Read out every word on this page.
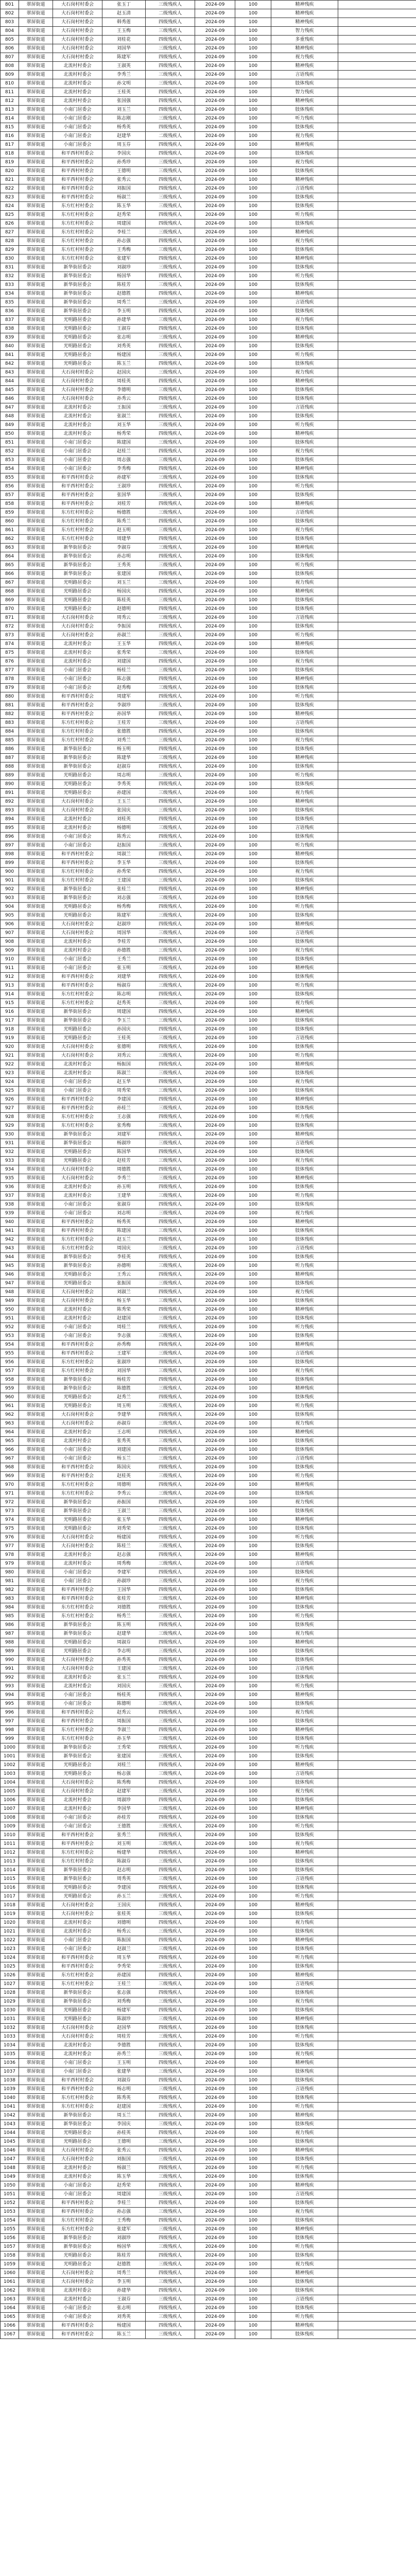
801	翠屏街道	大石岗村村委会	张玉丁	三级残疾人	2024-09	100	精神残疾	
802	翠屏街道	大石岗村村委会	赵玉清	二级残疾人	2024-09	100	精神残疾	
803	翠屏街道	大石岗村村委会	韩秀莲	四级残疾人	2024-09	100	精神残疾	
804	翠屏街道	大石岗村村委会	王玉梅	三级残疾人	2024-09	100	智力残疾	
805	翠屏街道	大石岗村村委会	刘桂花	四级残疾人	2024-09	100	多重残疾	
806	翠屏街道	大石岗村村委会	刘国华	三级残疾人	2024-09	100	精神残疾	
807	翠屏街道	大石岗村村委会	陈建军	四级残疾人	2024-09	100	视力残疾	
808	翠屏街道	北流村村委会	王淑英	四级残疾人	2024-09	100	精神残疾	
809	翠屏街道	北流村村委会	李秀兰	三级残疾人	2024-09	100	言语残疾	
810	翠屏街道	北流村村委会	孙文明	三级残疾人	2024-09	100	肢体残疾	
811	翠屏街道	北流村村委会	王桂英	四级残疾人	2024-09	100	智力残疾	
812	翠屏街道	北流村村委会	张国强	四级残疾人	2024-09	100	精神残疾	
813	翠屏街道	小南门居委会	刘玉兰	四级残疾人	2024-09	100	肢体残疾	
814	翠屏街道	小南门居委会	陈志刚	三级残疾人	2024-09	100	听力残疾	
815	翠屏街道	小南门居委会	杨秀英	四级残疾人	2024-09	100	肢体残疾	
816	翠屏街道	小南门居委会	赵建华	二级残疾人	2024-09	100	视力残疾	
817	翠屏街道	小南门居委会	周玉芬	四级残疾人	2024-09	100	精神残疾	
818	翠屏街道	和平西村村委会	李国庆	四级残疾人	2024-09	100	肢体残疾	
819	翠屏街道	和平西村村委会	孙秀珍	三级残疾人	2024-09	100	视力残疾	
820	翠屏街道	和平西村村委会	王德明	三级残疾人	2024-09	100	肢体残疾	
821	翠屏街道	和平西村村委会	张秀云	四级残疾人	2024-09	100	精神残疾	
822	翠屏街道	和平西村村委会	刘振国	四级残疾人	2024-09	100	言语残疾	
823	翠屏街道	和平西村村委会	杨淑兰	三级残疾人	2024-09	100	肢体残疾	
824	翠屏街道	东方红村村委会	陈玉华	三级残疾人	2024-09	100	肢体残疾	
825	翠屏街道	东方红村村委会	赵秀荣	四级残疾人	2024-09	100	听力残疾	
826	翠屏街道	东方红村村委会	周建国	四级残疾人	2024-09	100	肢体残疾	
827	翠屏街道	东方红村村委会	李桂兰	三级残疾人	2024-09	100	精神残疾	
828	翠屏街道	东方红村村委会	孙志强	四级残疾人	2024-09	100	视力残疾	
829	翠屏街道	东方红村村委会	王秀梅	三级残疾人	2024-09	100	肢体残疾	
830	翠屏街道	东方红村村委会	张建军	四级残疾人	2024-09	100	精神残疾	
831	翠屏街道	新华街居委会	刘淑珍	三级残疾人	2024-09	100	肢体残疾	
832	翠屏街道	新华街居委会	杨国华	四级残疾人	2024-09	100	听力残疾	
833	翠屏街道	新华街居委会	陈桂芳	三级残疾人	2024-09	100	肢体残疾	
834	翠屏街道	新华街居委会	赵德胜	四级残疾人	2024-09	100	精神残疾	
835	翠屏街道	新华街居委会	周秀兰	三级残疾人	2024-09	100	言语残疾	
836	翠屏街道	新华街居委会	李玉明	四级残疾人	2024-09	100	肢体残疾	
837	翠屏街道	光明路居委会	孙建华	三级残疾人	2024-09	100	视力残疾	
838	翠屏街道	光明路居委会	王淑芬	四级残疾人	2024-09	100	肢体残疾	
839	翠屏街道	光明路居委会	张志明	三级残疾人	2024-09	100	精神残疾	
840	翠屏街道	光明路居委会	刘秀英	四级残疾人	2024-09	100	肢体残疾	
841	翠屏街道	光明路居委会	杨建国	三级残疾人	2024-09	100	听力残疾	
842	翠屏街道	光明路居委会	陈玉兰	四级残疾人	2024-09	100	肢体残疾	
843	翠屏街道	大石岗村村委会	赵国庆	三级残疾人	2024-09	100	视力残疾	
844	翠屏街道	大石岗村村委会	周桂英	四级残疾人	2024-09	100	精神残疾	
845	翠屏街道	大石岗村村委会	李德明	三级残疾人	2024-09	100	肢体残疾	
846	翠屏街道	大石岗村村委会	孙秀云	四级残疾人	2024-09	100	肢体残疾	
847	翠屏街道	北流村村委会	王振国	三级残疾人	2024-09	100	言语残疾	
848	翠屏街道	北流村村委会	张淑兰	四级残疾人	2024-09	100	肢体残疾	
849	翠屏街道	北流村村委会	刘玉华	三级残疾人	2024-09	100	听力残疾	
850	翠屏街道	北流村村委会	杨秀荣	四级残疾人	2024-09	100	精神残疾	
851	翠屏街道	小南门居委会	陈建国	三级残疾人	2024-09	100	肢体残疾	
852	翠屏街道	小南门居委会	赵桂兰	四级残疾人	2024-09	100	视力残疾	
853	翠屏街道	小南门居委会	周志强	三级残疾人	2024-09	100	肢体残疾	
854	翠屏街道	小南门居委会	李秀梅	四级残疾人	2024-09	100	精神残疾	
855	翠屏街道	和平西村村委会	孙建军	三级残疾人	2024-09	100	肢体残疾	
856	翠屏街道	和平西村村委会	王淑珍	四级残疾人	2024-09	100	听力残疾	
857	翠屏街道	和平西村村委会	张国华	三级残疾人	2024-09	100	肢体残疾	
858	翠屏街道	和平西村村委会	刘桂芳	四级残疾人	2024-09	100	精神残疾	
859	翠屏街道	东方红村村委会	杨德胜	三级残疾人	2024-09	100	言语残疾	
860	翠屏街道	东方红村村委会	陈秀兰	四级残疾人	2024-09	100	肢体残疾	
861	翠屏街道	东方红村村委会	赵玉明	三级残疾人	2024-09	100	视力残疾	
862	翠屏街道	东方红村村委会	周建华	四级残疾人	2024-09	100	肢体残疾	
863	翠屏街道	新华街居委会	李淑芬	三级残疾人	2024-09	100	精神残疾	
864	翠屏街道	新华街居委会	孙志明	四级残疾人	2024-09	100	肢体残疾	
865	翠屏街道	新华街居委会	王秀英	三级残疾人	2024-09	100	听力残疾	
866	翠屏街道	新华街居委会	张建国	四级残疾人	2024-09	100	肢体残疾	
867	翠屏街道	光明路居委会	刘玉兰	三级残疾人	2024-09	100	视力残疾	
868	翠屏街道	光明路居委会	杨国庆	四级残疾人	2024-09	100	精神残疾	
869	翠屏街道	光明路居委会	陈桂英	三级残疾人	2024-09	100	肢体残疾	
870	翠屏街道	光明路居委会	赵德明	四级残疾人	2024-09	100	肢体残疾	
871	翠屏街道	大石岗村村委会	周秀云	三级残疾人	2024-09	100	言语残疾	
872	翠屏街道	大石岗村村委会	李振国	四级残疾人	2024-09	100	肢体残疾	
873	翠屏街道	大石岗村村委会	孙淑兰	三级残疾人	2024-09	100	听力残疾	
874	翠屏街道	北流村村委会	王玉华	四级残疾人	2024-09	100	精神残疾	
875	翠屏街道	北流村村委会	张秀荣	三级残疾人	2024-09	100	肢体残疾	
876	翠屏街道	北流村村委会	刘建国	四级残疾人	2024-09	100	视力残疾	
877	翠屏街道	小南门居委会	杨桂兰	三级残疾人	2024-09	100	肢体残疾	
878	翠屏街道	小南门居委会	陈志强	四级残疾人	2024-09	100	精神残疾	
879	翠屏街道	小南门居委会	赵秀梅	三级残疾人	2024-09	100	肢体残疾	
880	翠屏街道	和平西村村委会	周建军	四级残疾人	2024-09	100	听力残疾	
881	翠屏街道	和平西村村委会	李淑珍	三级残疾人	2024-09	100	肢体残疾	
882	翠屏街道	和平西村村委会	孙国华	四级残疾人	2024-09	100	精神残疾	
883	翠屏街道	东方红村村委会	王桂芳	三级残疾人	2024-09	100	言语残疾	
884	翠屏街道	东方红村村委会	张德胜	四级残疾人	2024-09	100	肢体残疾	
885	翠屏街道	东方红村村委会	刘秀兰	三级残疾人	2024-09	100	视力残疾	
886	翠屏街道	新华街居委会	杨玉明	四级残疾人	2024-09	100	肢体残疾	
887	翠屏街道	新华街居委会	陈建华	三级残疾人	2024-09	100	精神残疾	
888	翠屏街道	新华街居委会	赵淑芬	四级残疾人	2024-09	100	肢体残疾	
889	翠屏街道	光明路居委会	周志明	三级残疾人	2024-09	100	听力残疾	
890	翠屏街道	光明路居委会	李秀英	四级残疾人	2024-09	100	肢体残疾	
891	翠屏街道	光明路居委会	孙建国	三级残疾人	2024-09	100	视力残疾	
892	翠屏街道	大石岗村村委会	王玉兰	四级残疾人	2024-09	100	精神残疾	
893	翠屏街道	大石岗村村委会	张国庆	三级残疾人	2024-09	100	肢体残疾	
894	翠屏街道	北流村村委会	刘桂英	四级残疾人	2024-09	100	肢体残疾	
895	翠屏街道	北流村村委会	杨德明	三级残疾人	2024-09	100	言语残疾	
896	翠屏街道	小南门居委会	陈秀云	四级残疾人	2024-09	100	肢体残疾	
897	翠屏街道	小南门居委会	赵振国	三级残疾人	2024-09	100	听力残疾	
898	翠屏街道	和平西村村委会	周淑兰	四级残疾人	2024-09	100	精神残疾	
899	翠屏街道	和平西村村委会	李玉华	三级残疾人	2024-09	100	肢体残疾	
900	翠屏街道	东方红村村委会	孙秀荣	四级残疾人	2024-09	100	视力残疾	
901	翠屏街道	东方红村村委会	王建国	三级残疾人	2024-09	100	肢体残疾	
902	翠屏街道	新华街居委会	张桂兰	四级残疾人	2024-09	100	精神残疾	
903	翠屏街道	新华街居委会	刘志强	三级残疾人	2024-09	100	肢体残疾	
904	翠屏街道	光明路居委会	杨秀梅	四级残疾人	2024-09	100	听力残疾	
905	翠屏街道	光明路居委会	陈建军	三级残疾人	2024-09	100	肢体残疾	
906	翠屏街道	大石岗村村委会	赵淑珍	四级残疾人	2024-09	100	精神残疾	
907	翠屏街道	大石岗村村委会	周国华	三级残疾人	2024-09	100	言语残疾	
908	翠屏街道	北流村村委会	李桂芳	四级残疾人	2024-09	100	肢体残疾	
909	翠屏街道	北流村村委会	孙德胜	三级残疾人	2024-09	100	视力残疾	
910	翠屏街道	小南门居委会	王秀兰	四级残疾人	2024-09	100	肢体残疾	
911	翠屏街道	小南门居委会	张玉明	三级残疾人	2024-09	100	精神残疾	
912	翠屏街道	和平西村村委会	刘建华	四级残疾人	2024-09	100	肢体残疾	
913	翠屏街道	和平西村村委会	杨淑芬	三级残疾人	2024-09	100	听力残疾	
914	翠屏街道	东方红村村委会	陈志明	四级残疾人	2024-09	100	肢体残疾	
915	翠屏街道	东方红村村委会	赵秀英	三级残疾人	2024-09	100	视力残疾	
916	翠屏街道	新华街居委会	周建国	四级残疾人	2024-09	100	精神残疾	
917	翠屏街道	新华街居委会	李玉兰	三级残疾人	2024-09	100	肢体残疾	
918	翠屏街道	光明路居委会	孙国庆	四级残疾人	2024-09	100	肢体残疾	
919	翠屏街道	光明路居委会	王桂英	三级残疾人	2024-09	100	言语残疾	
920	翠屏街道	大石岗村村委会	张德明	四级残疾人	2024-09	100	肢体残疾	
921	翠屏街道	大石岗村村委会	刘秀云	三级残疾人	2024-09	100	听力残疾	
922	翠屏街道	北流村村委会	杨振国	四级残疾人	2024-09	100	精神残疾	
923	翠屏街道	北流村村委会	陈淑兰	三级残疾人	2024-09	100	肢体残疾	
924	翠屏街道	小南门居委会	赵玉华	四级残疾人	2024-09	100	视力残疾	
925	翠屏街道	小南门居委会	周秀荣	三级残疾人	2024-09	100	肢体残疾	
926	翠屏街道	和平西村村委会	李建国	四级残疾人	2024-09	100	精神残疾	
927	翠屏街道	和平西村村委会	孙桂兰	三级残疾人	2024-09	100	肢体残疾	
928	翠屏街道	东方红村村委会	王志强	四级残疾人	2024-09	100	听力残疾	
929	翠屏街道	东方红村村委会	张秀梅	三级残疾人	2024-09	100	肢体残疾	
930	翠屏街道	新华街居委会	刘建军	四级残疾人	2024-09	100	精神残疾	
931	翠屏街道	新华街居委会	杨淑珍	三级残疾人	2024-09	100	言语残疾	
932	翠屏街道	光明路居委会	陈国华	四级残疾人	2024-09	100	肢体残疾	
933	翠屏街道	光明路居委会	赵桂芳	三级残疾人	2024-09	100	视力残疾	
934	翠屏街道	大石岗村村委会	周德胜	四级残疾人	2024-09	100	肢体残疾	
935	翠屏街道	大石岗村村委会	李秀兰	三级残疾人	2024-09	100	精神残疾	
936	翠屏街道	北流村村委会	孙玉明	四级残疾人	2024-09	100	肢体残疾	
937	翠屏街道	北流村村委会	王建华	三级残疾人	2024-09	100	听力残疾	
938	翠屏街道	小南门居委会	张淑芬	四级残疾人	2024-09	100	肢体残疾	
939	翠屏街道	小南门居委会	刘志明	三级残疾人	2024-09	100	视力残疾	
940	翠屏街道	和平西村村委会	杨秀英	四级残疾人	2024-09	100	精神残疾	
941	翠屏街道	和平西村村委会	陈建国	三级残疾人	2024-09	100	肢体残疾	
942	翠屏街道	东方红村村委会	赵玉兰	四级残疾人	2024-09	100	肢体残疾	
943	翠屏街道	东方红村村委会	周国庆	三级残疾人	2024-09	100	言语残疾	
944	翠屏街道	新华街居委会	李桂英	四级残疾人	2024-09	100	肢体残疾	
945	翠屏街道	新华街居委会	孙德明	三级残疾人	2024-09	100	听力残疾	
946	翠屏街道	光明路居委会	王秀云	四级残疾人	2024-09	100	精神残疾	
947	翠屏街道	光明路居委会	张振国	三级残疾人	2024-09	100	肢体残疾	
948	翠屏街道	大石岗村村委会	刘淑兰	四级残疾人	2024-09	100	视力残疾	
949	翠屏街道	大石岗村村委会	杨玉华	三级残疾人	2024-09	100	肢体残疾	
950	翠屏街道	北流村村委会	陈秀荣	四级残疾人	2024-09	100	精神残疾	
951	翠屏街道	北流村村委会	赵建国	三级残疾人	2024-09	100	肢体残疾	
952	翠屏街道	小南门居委会	周桂兰	四级残疾人	2024-09	100	听力残疾	
953	翠屏街道	小南门居委会	李志强	三级残疾人	2024-09	100	肢体残疾	
954	翠屏街道	和平西村村委会	孙秀梅	四级残疾人	2024-09	100	精神残疾	
955	翠屏街道	和平西村村委会	王建军	三级残疾人	2024-09	100	言语残疾	
956	翠屏街道	东方红村村委会	张淑珍	四级残疾人	2024-09	100	肢体残疾	
957	翠屏街道	东方红村村委会	刘国华	三级残疾人	2024-09	100	视力残疾	
958	翠屏街道	新华街居委会	杨桂芳	四级残疾人	2024-09	100	肢体残疾	
959	翠屏街道	新华街居委会	陈德胜	三级残疾人	2024-09	100	精神残疾	
960	翠屏街道	光明路居委会	赵秀兰	四级残疾人	2024-09	100	肢体残疾	
961	翠屏街道	光明路居委会	周玉明	三级残疾人	2024-09	100	听力残疾	
962	翠屏街道	大石岗村村委会	李建华	四级残疾人	2024-09	100	肢体残疾	
963	翠屏街道	大石岗村村委会	孙淑芬	三级残疾人	2024-09	100	视力残疾	
964	翠屏街道	北流村村委会	王志明	四级残疾人	2024-09	100	精神残疾	
965	翠屏街道	北流村村委会	张秀英	三级残疾人	2024-09	100	肢体残疾	
966	翠屏街道	小南门居委会	刘建国	四级残疾人	2024-09	100	肢体残疾	
967	翠屏街道	小南门居委会	杨玉兰	三级残疾人	2024-09	100	言语残疾	
968	翠屏街道	和平西村村委会	陈国庆	四级残疾人	2024-09	100	肢体残疾	
969	翠屏街道	和平西村村委会	赵桂英	三级残疾人	2024-09	100	听力残疾	
970	翠屏街道	东方红村村委会	周德明	四级残疾人	2024-09	100	精神残疾	
971	翠屏街道	东方红村村委会	李秀云	三级残疾人	2024-09	100	肢体残疾	
972	翠屏街道	新华街居委会	孙振国	四级残疾人	2024-09	100	视力残疾	
973	翠屏街道	新华街居委会	王淑兰	三级残疾人	2024-09	100	肢体残疾	
974	翠屏街道	光明路居委会	张玉华	四级残疾人	2024-09	100	精神残疾	
975	翠屏街道	光明路居委会	刘秀荣	三级残疾人	2024-09	100	肢体残疾	
976	翠屏街道	大石岗村村委会	杨建国	四级残疾人	2024-09	100	听力残疾	
977	翠屏街道	大石岗村村委会	陈桂兰	三级残疾人	2024-09	100	肢体残疾	
978	翠屏街道	北流村村委会	赵志强	四级残疾人	2024-09	100	精神残疾	
979	翠屏街道	北流村村委会	周秀梅	三级残疾人	2024-09	100	言语残疾	
980	翠屏街道	小南门居委会	李建军	四级残疾人	2024-09	100	肢体残疾	
981	翠屏街道	小南门居委会	孙淑珍	三级残疾人	2024-09	100	视力残疾	
982	翠屏街道	和平西村村委会	王国华	四级残疾人	2024-09	100	肢体残疾	
983	翠屏街道	和平西村村委会	张桂芳	三级残疾人	2024-09	100	精神残疾	
984	翠屏街道	东方红村村委会	刘德胜	四级残疾人	2024-09	100	肢体残疾	
985	翠屏街道	东方红村村委会	杨秀兰	三级残疾人	2024-09	100	听力残疾	
986	翠屏街道	新华街居委会	陈玉明	四级残疾人	2024-09	100	肢体残疾	
987	翠屏街道	新华街居委会	赵建华	三级残疾人	2024-09	100	视力残疾	
988	翠屏街道	光明路居委会	周淑芬	四级残疾人	2024-09	100	精神残疾	
989	翠屏街道	光明路居委会	李志明	三级残疾人	2024-09	100	肢体残疾	
990	翠屏街道	大石岗村村委会	孙秀英	四级残疾人	2024-09	100	肢体残疾	
991	翠屏街道	大石岗村村委会	王建国	三级残疾人	2024-09	100	言语残疾	
992	翠屏街道	北流村村委会	张玉兰	四级残疾人	2024-09	100	肢体残疾	
993	翠屏街道	北流村村委会	刘国庆	三级残疾人	2024-09	100	听力残疾	
994	翠屏街道	小南门居委会	杨桂英	四级残疾人	2024-09	100	精神残疾	
995	翠屏街道	小南门居委会	陈德明	三级残疾人	2024-09	100	肢体残疾	
996	翠屏街道	和平西村村委会	赵秀云	四级残疾人	2024-09	100	视力残疾	
997	翠屏街道	和平西村村委会	周振国	三级残疾人	2024-09	100	肢体残疾	
998	翠屏街道	东方红村村委会	李淑兰	四级残疾人	2024-09	100	精神残疾	
999	翠屏街道	东方红村村委会	孙玉华	三级残疾人	2024-09	100	肢体残疾	
1000	翠屏街道	新华街居委会	王秀荣	四级残疾人	2024-09	100	听力残疾	
1001	翠屏街道	新华街居委会	张建国	三级残疾人	2024-09	100	肢体残疾	
1002	翠屏街道	光明路居委会	刘桂兰	四级残疾人	2024-09	100	精神残疾	
1003	翠屏街道	光明路居委会	杨志强	三级残疾人	2024-09	100	言语残疾	
1004	翠屏街道	大石岗村村委会	陈秀梅	四级残疾人	2024-09	100	肢体残疾	
1005	翠屏街道	大石岗村村委会	赵建军	三级残疾人	2024-09	100	视力残疾	
1006	翠屏街道	北流村村委会	周淑珍	四级残疾人	2024-09	100	肢体残疾	
1007	翠屏街道	北流村村委会	李国华	三级残疾人	2024-09	100	精神残疾	
1008	翠屏街道	小南门居委会	孙桂芳	四级残疾人	2024-09	100	肢体残疾	
1009	翠屏街道	小南门居委会	王德胜	三级残疾人	2024-09	100	听力残疾	
1010	翠屏街道	和平西村村委会	张秀兰	四级残疾人	2024-09	100	肢体残疾	
1011	翠屏街道	和平西村村委会	刘玉明	三级残疾人	2024-09	100	视力残疾	
1012	翠屏街道	东方红村村委会	杨建华	四级残疾人	2024-09	100	精神残疾	
1013	翠屏街道	东方红村村委会	陈淑芬	三级残疾人	2024-09	100	肢体残疾	
1014	翠屏街道	新华街居委会	赵志明	四级残疾人	2024-09	100	肢体残疾	
1015	翠屏街道	新华街居委会	周秀英	三级残疾人	2024-09	100	言语残疾	
1016	翠屏街道	光明路居委会	李建国	四级残疾人	2024-09	100	肢体残疾	
1017	翠屏街道	光明路居委会	孙玉兰	三级残疾人	2024-09	100	听力残疾	
1018	翠屏街道	大石岗村村委会	王国庆	四级残疾人	2024-09	100	精神残疾	
1019	翠屏街道	大石岗村村委会	张桂英	三级残疾人	2024-09	100	肢体残疾	
1020	翠屏街道	北流村村委会	刘德明	四级残疾人	2024-09	100	视力残疾	
1021	翠屏街道	北流村村委会	杨秀云	三级残疾人	2024-09	100	肢体残疾	
1022	翠屏街道	小南门居委会	陈振国	四级残疾人	2024-09	100	精神残疾	
1023	翠屏街道	小南门居委会	赵淑兰	三级残疾人	2024-09	100	肢体残疾	
1024	翠屏街道	和平西村村委会	周玉华	四级残疾人	2024-09	100	听力残疾	
1025	翠屏街道	和平西村村委会	李秀荣	三级残疾人	2024-09	100	肢体残疾	
1026	翠屏街道	东方红村村委会	孙建国	四级残疾人	2024-09	100	精神残疾	
1027	翠屏街道	东方红村村委会	王桂兰	三级残疾人	2024-09	100	言语残疾	
1028	翠屏街道	新华街居委会	张志强	四级残疾人	2024-09	100	肢体残疾	
1029	翠屏街道	新华街居委会	刘秀梅	三级残疾人	2024-09	100	视力残疾	
1030	翠屏街道	光明路居委会	杨建军	四级残疾人	2024-09	100	肢体残疾	
1031	翠屏街道	光明路居委会	陈淑珍	三级残疾人	2024-09	100	精神残疾	
1032	翠屏街道	大石岗村村委会	赵国华	四级残疾人	2024-09	100	肢体残疾	
1033	翠屏街道	大石岗村村委会	周桂芳	三级残疾人	2024-09	100	听力残疾	
1034	翠屏街道	北流村村委会	李德胜	四级残疾人	2024-09	100	肢体残疾	
1035	翠屏街道	北流村村委会	孙秀兰	三级残疾人	2024-09	100	视力残疾	
1036	翠屏街道	小南门居委会	王玉明	四级残疾人	2024-09	100	精神残疾	
1037	翠屏街道	小南门居委会	张建华	三级残疾人	2024-09	100	肢体残疾	
1038	翠屏街道	和平西村村委会	刘淑芬	四级残疾人	2024-09	100	肢体残疾	
1039	翠屏街道	和平西村村委会	杨志明	三级残疾人	2024-09	100	言语残疾	
1040	翠屏街道	东方红村村委会	陈秀英	四级残疾人	2024-09	100	肢体残疾	
1041	翠屏街道	东方红村村委会	赵建国	三级残疾人	2024-09	100	听力残疾	
1042	翠屏街道	新华街居委会	周玉兰	四级残疾人	2024-09	100	精神残疾	
1043	翠屏街道	新华街居委会	李国庆	三级残疾人	2024-09	100	肢体残疾	
1044	翠屏街道	光明路居委会	孙桂英	四级残疾人	2024-09	100	视力残疾	
1045	翠屏街道	光明路居委会	王德明	三级残疾人	2024-09	100	肢体残疾	
1046	翠屏街道	大石岗村村委会	张秀云	四级残疾人	2024-09	100	精神残疾	
1047	翠屏街道	大石岗村村委会	刘振国	三级残疾人	2024-09	100	肢体残疾	
1048	翠屏街道	北流村村委会	杨淑兰	四级残疾人	2024-09	100	听力残疾	
1049	翠屏街道	北流村村委会	陈玉华	三级残疾人	2024-09	100	肢体残疾	
1050	翠屏街道	小南门居委会	赵秀荣	四级残疾人	2024-09	100	精神残疾	
1051	翠屏街道	小南门居委会	周建国	三级残疾人	2024-09	100	言语残疾	
1052	翠屏街道	和平西村村委会	李桂兰	四级残疾人	2024-09	100	肢体残疾	
1053	翠屏街道	和平西村村委会	孙志强	三级残疾人	2024-09	100	视力残疾	
1054	翠屏街道	东方红村村委会	王秀梅	四级残疾人	2024-09	100	肢体残疾	
1055	翠屏街道	东方红村村委会	张建军	三级残疾人	2024-09	100	精神残疾	
1056	翠屏街道	新华街居委会	刘淑珍	四级残疾人	2024-09	100	肢体残疾	
1057	翠屏街道	新华街居委会	杨国华	三级残疾人	2024-09	100	听力残疾	
1058	翠屏街道	光明路居委会	陈桂芳	四级残疾人	2024-09	100	肢体残疾	
1059	翠屏街道	光明路居委会	赵德胜	三级残疾人	2024-09	100	视力残疾	
1060	翠屏街道	大石岗村村委会	周秀兰	四级残疾人	2024-09	100	精神残疾	
1061	翠屏街道	大石岗村村委会	李玉明	三级残疾人	2024-09	100	肢体残疾	
1062	翠屏街道	北流村村委会	孙建华	四级残疾人	2024-09	100	肢体残疾	
1063	翠屏街道	北流村村委会	王淑芬	三级残疾人	2024-09	100	言语残疾	
1064	翠屏街道	小南门居委会	张志明	四级残疾人	2024-09	100	肢体残疾	
1065	翠屏街道	小南门居委会	刘秀英	三级残疾人	2024-09	100	听力残疾	
1066	翠屏街道	和平西村村委会	杨建国	四级残疾人	2024-09	100	精神残疾	
1067	翠屏街道	和平西村村委会	陈玉兰	三级残疾人	2024-09	100	肢体残疾	
